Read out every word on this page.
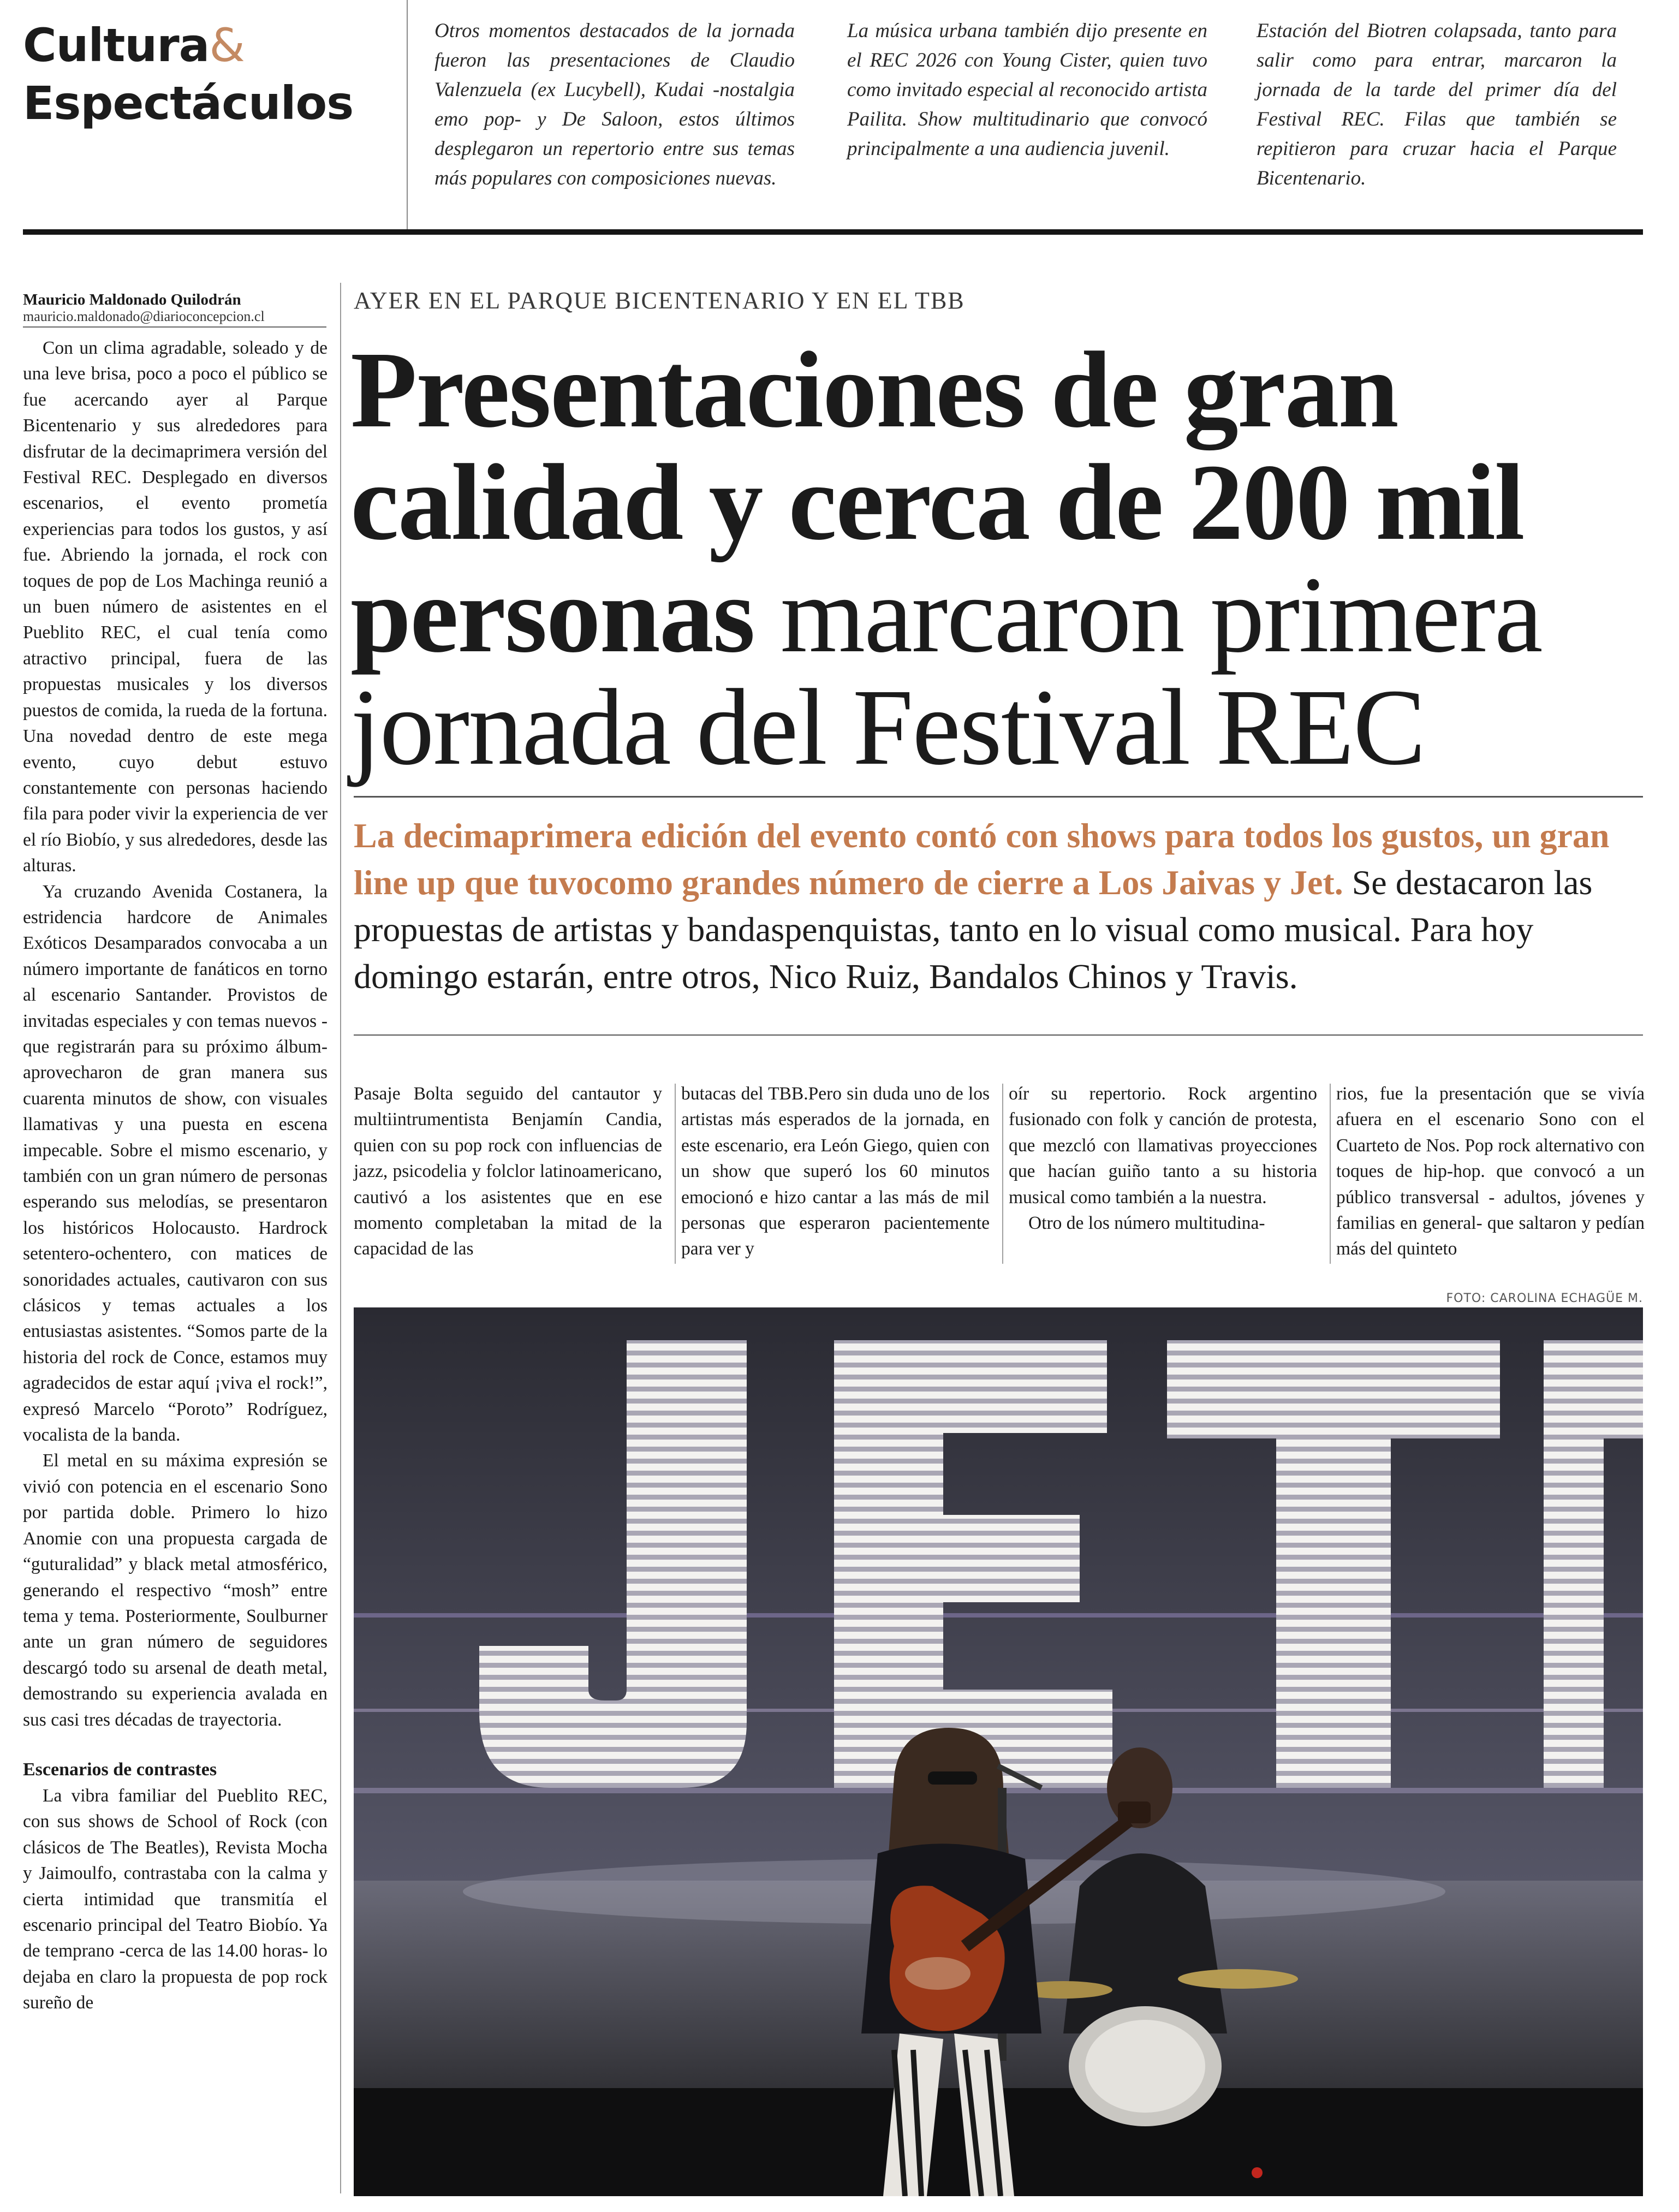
Cultura&
Espectáculos
Otros momentos destacados de la jornada fueron las presentaciones de Claudio Valenzuela (ex Lucybell), Kudai -nostalgia emo pop- y De Saloon, estos últimos desplegaron un repertorio entre sus temas más populares con composiciones nuevas.
La música urbana también dijo presente en el REC 2026 con Young Cister, quien tuvo como invitado especial al reconocido artista Pailita. Show multitudinario que convocó principalmente a una audiencia juvenil.
Estación del Biotren colapsada, tanto para salir como para entrar, marcaron la jornada de la tarde del primer día del Festival REC. Filas que también se repitieron para cruzar hacia el Parque Bicentenario.
Mauricio Maldonado Quilodrán
mauricio.maldonado@diarioconcepcion.cl

Con un clima agradable, soleado y de una leve brisa, poco a poco el público se fue acercando ayer al Parque Bicentenario y sus alrededores para disfrutar de la decimaprimera versión del Festival REC. Desplegado en diversos escenarios, el evento prometía experiencias para todos los gustos, y así fue. Abriendo la jornada, el rock con toques de pop de Los Machinga reunió a un buen número de asistentes en el Pueblito REC, el cual tenía como atractivo principal, fuera de las propuestas musicales y los diversos puestos de comida, la rueda de la fortuna. Una novedad dentro de este mega evento, cuyo debut estuvo constantemente con personas haciendo fila para poder vivir la experiencia de ver el río Biobío, y sus alrededores, desde las alturas.

Ya cruzando Avenida Costanera, la estridencia hardcore de Animales Exóticos Desamparados convocaba a un número importante de fanáticos en torno al escenario Santander. Provistos de invitadas especiales y con temas nuevos -que registrarán para su próximo álbum- aprovecharon de gran manera sus cuarenta minutos de show, con visuales llamativas y una puesta en escena impecable. Sobre el mismo escenario, y también con un gran número de personas esperando sus melodías, se presentaron los históricos Holocausto. Hardrock setentero-ochentero, con matices de sonoridades actuales, cautivaron con sus clásicos y temas actuales a los entusiastas asistentes. “Somos parte de la historia del rock de Conce, estamos muy agradecidos de estar aquí ¡viva el rock!”, expresó Marcelo “Poroto” Rodríguez, vocalista de la banda.

El metal en su máxima expresión se vivió con potencia en el escenario Sono por partida doble. Primero lo hizo Anomie con una propuesta cargada de “guturalidad” y black metal atmosférico, generando el respectivo “mosh” entre tema y tema. Posteriormente, Soulburner ante un gran número de seguidores descargó todo su arsenal de death metal, demostrando su experiencia avalada en sus casi tres décadas de trayectoria.

Escenarios de contrastes

La vibra familiar del Pueblito REC, con sus shows de School of Rock (con clásicos de The Beatles), Revista Mocha y Jaimoulfo, contrastaba con la calma y cierta intimidad que transmitía el escenario principal del Teatro Biobío. Ya de temprano -cerca de las 14.00 horas- lo dejaba en claro la propuesta de pop rock sureño de

AYER EN EL PARQUE BICENTENARIO Y EN EL TBB
Presentaciones de gran calidad y cerca de 200 mil personas marcaron primera jornada del Festival REC
La decimaprimera edición del evento contó con shows para todos los gustos, un gran line up que tuvocomo grandes número de cierre a Los Jaivas y Jet. Se destacaron las propuestas de artistas y bandaspenquistas, tanto en lo visual como musical. Para hoy domingo estarán, entre otros, Nico Ruiz, Bandalos Chinos y Travis.

Pasaje Bolta seguido del cantautor y multiintrumentista Benjamín Candia, quien con su pop rock con influencias de jazz, psicodelia y folclor latinoamericano, cautivó a los asistentes que en ese momento completaban la mitad de la capacidad de las

butacas del TBB.Pero sin duda uno de los artistas más esperados de la jornada, en este escenario, era León Giego, quien con un show que superó los 60 minutos emocionó e hizo cantar a las más de mil personas que esperaron pacientemente para ver y

oír su repertorio. Rock argentino fusionado con folk y canción de protesta, que mezcló con llamativas proyecciones que hacían guiño tanto a su historia musical como también a la nuestra.

Otro de los número multitudina-

rios, fue la presentación que se vivía afuera en el escenario Sono con el Cuarteto de Nos. Pop rock alternativo con toques de hip-hop. que convocó a un público transversal - adultos, jóvenes y familias en general- que saltaron y pedían más del quinteto

FOTO: CAROLINA ECHAGÜE M.
